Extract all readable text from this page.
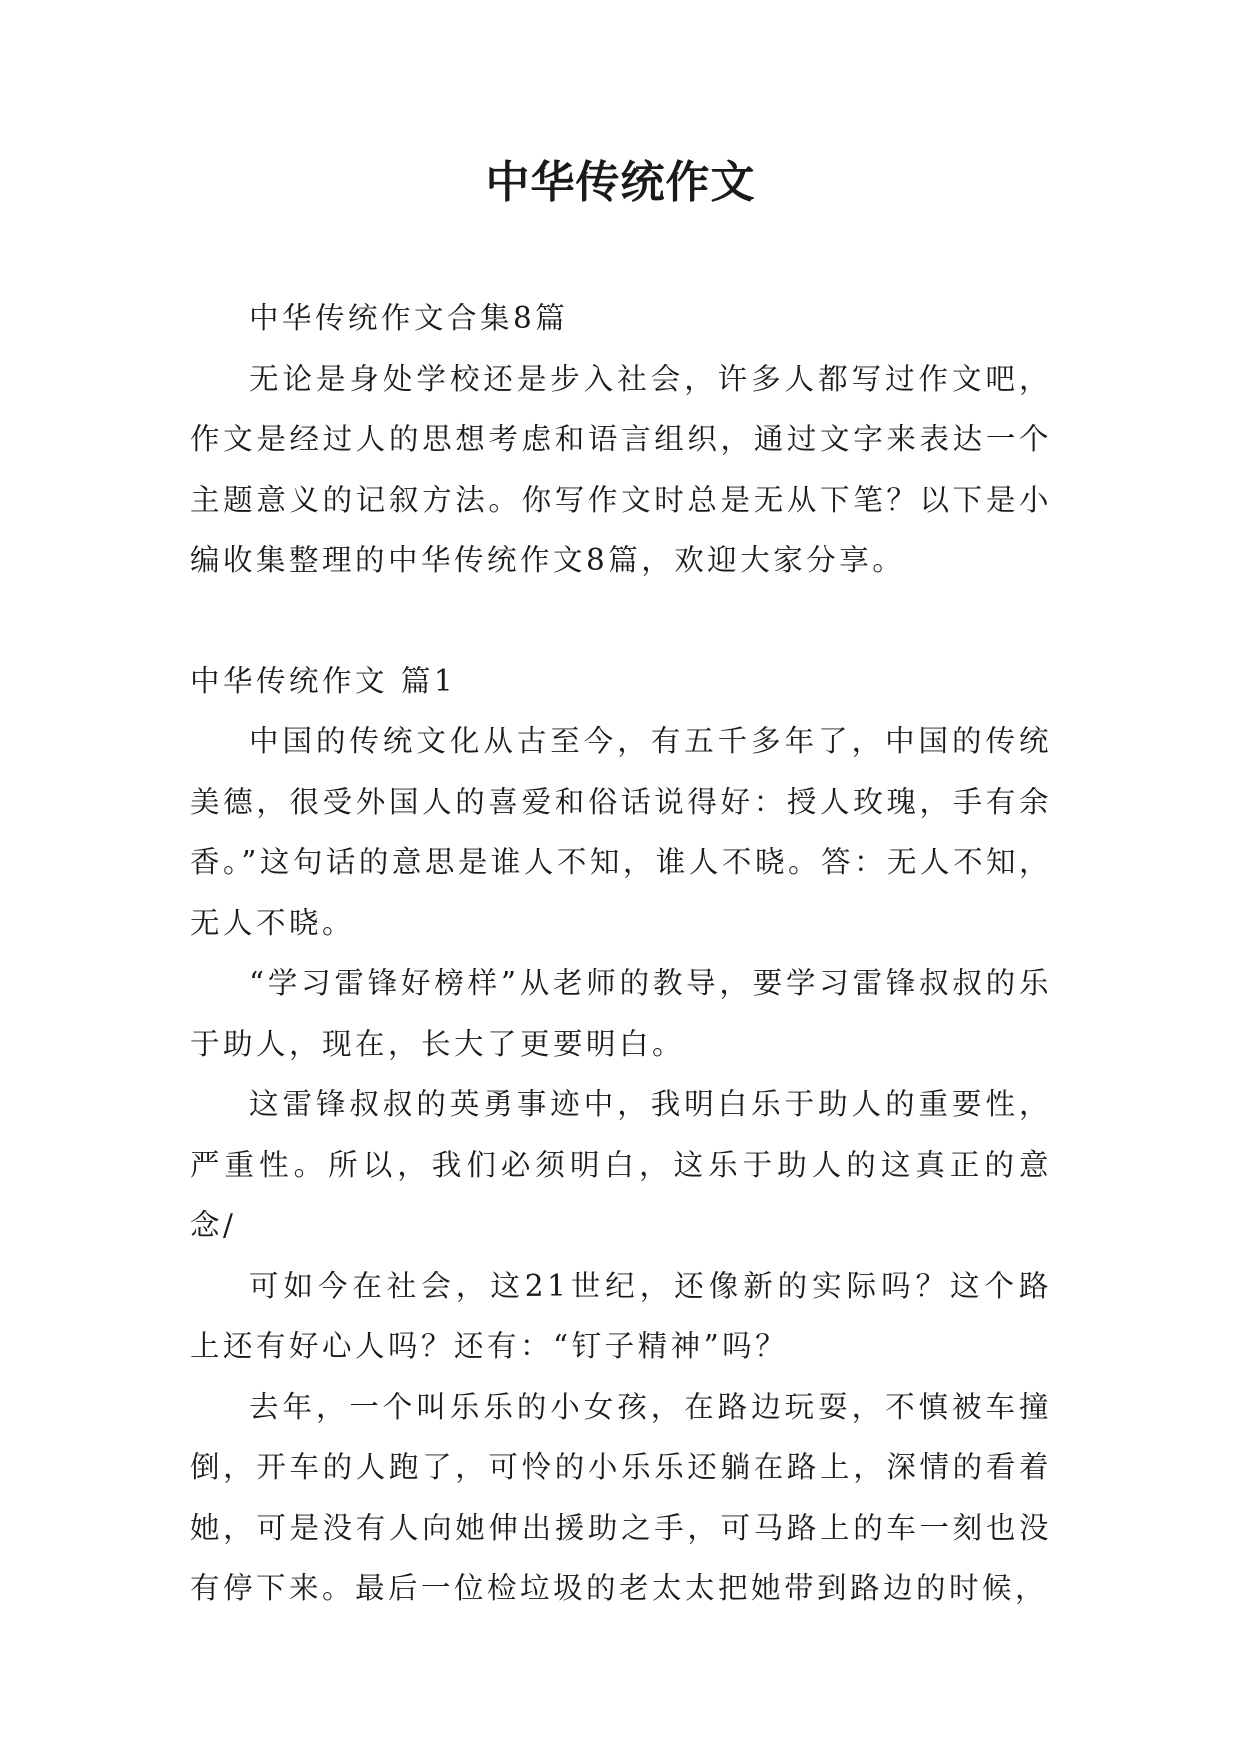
中华传统作文

中华传统作文合集8篇

无论是身处学校还是步入社会，许多人都写过作文吧，作文是经过人的思想考虑和语言组织，通过文字来表达一个主题意义的记叙方法。你写作文时总是无从下笔？以下是小编收集整理的中华传统作文8篇，欢迎大家分享。

中华传统作文 篇1

中国的传统文化从古至今，有五千多年了，中国的传统美德，很受外国人的喜爱和俗话说得好：授人玫瑰，手有余香。”这句话的意思是谁人不知，谁人不晓。答：无人不知，无人不晓。

“学习雷锋好榜样”从老师的教导，要学习雷锋叔叔的乐于助人，现在，长大了更要明白。

这雷锋叔叔的英勇事迹中，我明白乐于助人的重要性，严重性。所以，我们必须明白，这乐于助人的这真正的意念/

可如今在社会，这21世纪，还像新的实际吗？这个路上还有好心人吗？还有：“钉子精神”吗？

去年，一个叫乐乐的小女孩，在路边玩耍，不慎被车撞倒，开车的人跑了，可怜的小乐乐还躺在路上，深情的看着她，可是没有人向她伸出援助之手，可马路上的车一刻也没有停下来。最后一位检垃圾的老太太把她带到路边的时候，
